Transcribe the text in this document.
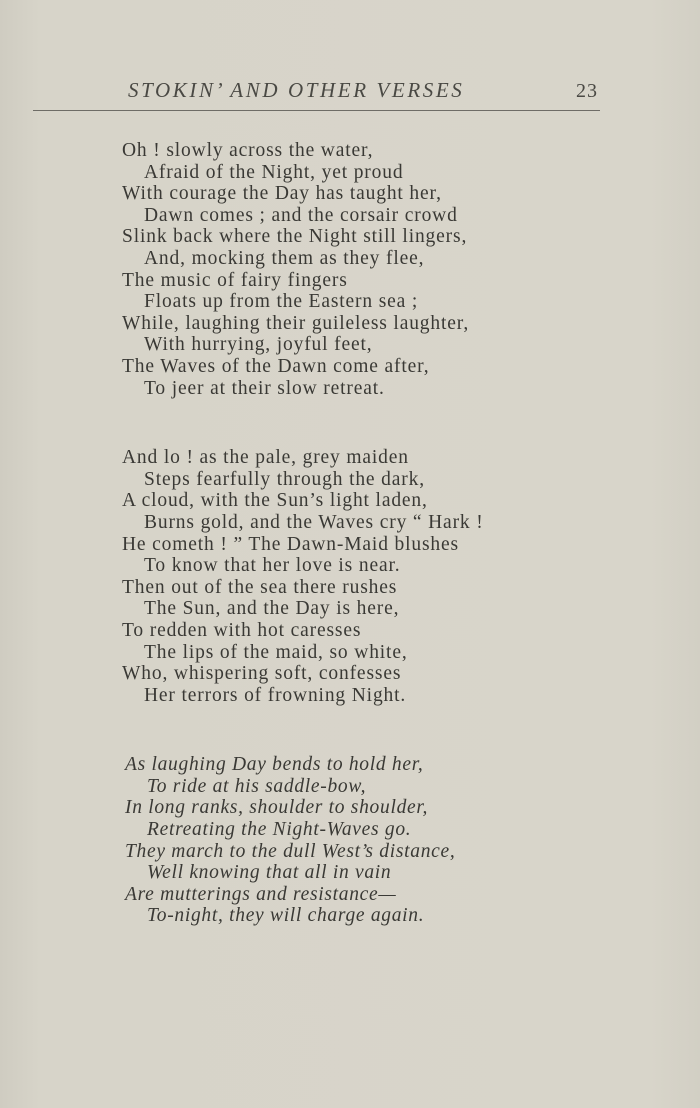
STOKIN’ AND OTHER VERSES	23
Oh ! slowly across the water,
Afraid of the Night, yet proud
With courage the Day has taught her,
Dawn comes ; and the corsair crowd
Slink back where the Night still lingers,
And, mocking them as they flee,
The music of fairy fingers
Floats up from the Eastern sea ;
While, laughing their guileless laughter,
With hurrying, joyful feet,
The Waves of the Dawn come after,
To jeer at their slow retreat.
And lo ! as the pale, grey maiden
Steps fearfully through the dark,
A cloud, with the Sun’s light laden,
Burns gold, and the Waves cry “ Hark !
He cometh ! ” The Dawn-Maid blushes
To know that her love is near.
Then out of the sea there rushes
The Sun, and the Day is here,
To redden with hot caresses
The lips of the maid, so white,
Who, whispering soft, confesses
Her terrors of frowning Night.
As laughing Day bends to hold her,
To ride at his saddle-bow,
In long ranks, shoulder to shoulder,
Retreating the Night-Waves go.
They march to the dull West’s distance,
Well knowing that all in vain
Are mutterings and resistance—
To-night, they will charge again.
